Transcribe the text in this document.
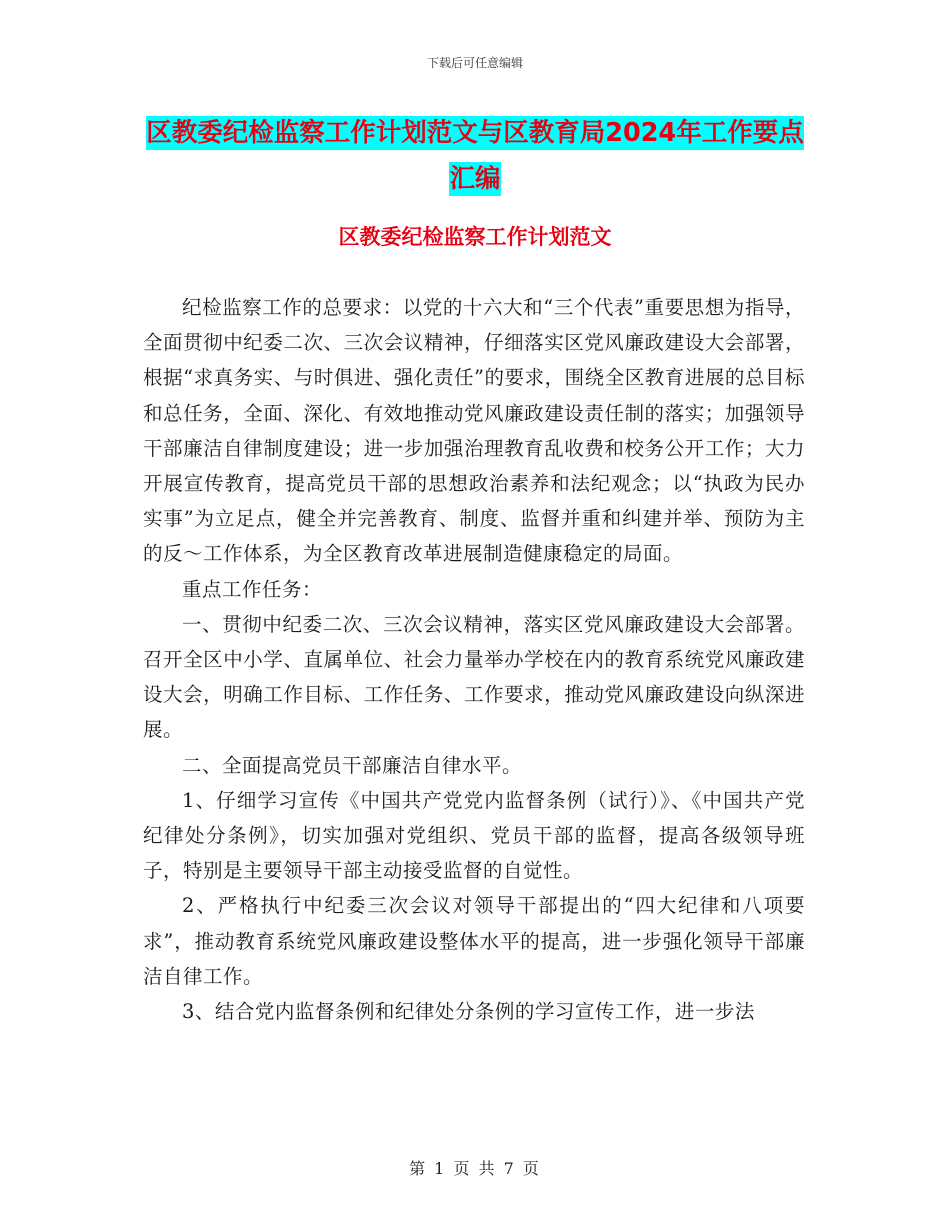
下载后可任意编辑
区教委纪检监察工作计划范文与区教育局2024年工作要点汇编
区教委纪检监察工作计划范文

纪检监察工作的总要求：以党的十六大和“三个代表”重要思想为指导，全面贯彻中纪委二次、三次会议精神，仔细落实区党风廉政建设大会部署，根据“求真务实、与时俱进、强化责任”的要求，围绕全区教育进展的总目标和总任务，全面、深化、有效地推动党风廉政建设责任制的落实；加强领导干部廉洁自律制度建设；进一步加强治理教育乱收费和校务公开工作；大力开展宣传教育，提高党员干部的思想政治素养和法纪观念；以“执政为民办实事”为立足点，健全并完善教育、制度、监督并重和纠建并举、预防为主的反～工作体系，为全区教育改革进展制造健康稳定的局面。

重点工作任务：

一、贯彻中纪委二次、三次会议精神，落实区党风廉政建设大会部署。召开全区中小学、直属单位、社会力量举办学校在内的教育系统党风廉政建设大会，明确工作目标、工作任务、工作要求，推动党风廉政建设向纵深进展。

二、全面提高党员干部廉洁自律水平。

1、仔细学习宣传《中国共产党党内监督条例（试行）》、《中国共产党纪律处分条例》，切实加强对党组织、党员干部的监督，提高各级领导班子，特别是主要领导干部主动接受监督的自觉性。

2、严格执行中纪委三次会议对领导干部提出的“四大纪律和八项要求”，推动教育系统党风廉政建设整体水平的提高，进一步强化领导干部廉洁自律工作。

3、结合党内监督条例和纪律处分条例的学习宣传工作，进一步法

第 1 页 共 7 页
